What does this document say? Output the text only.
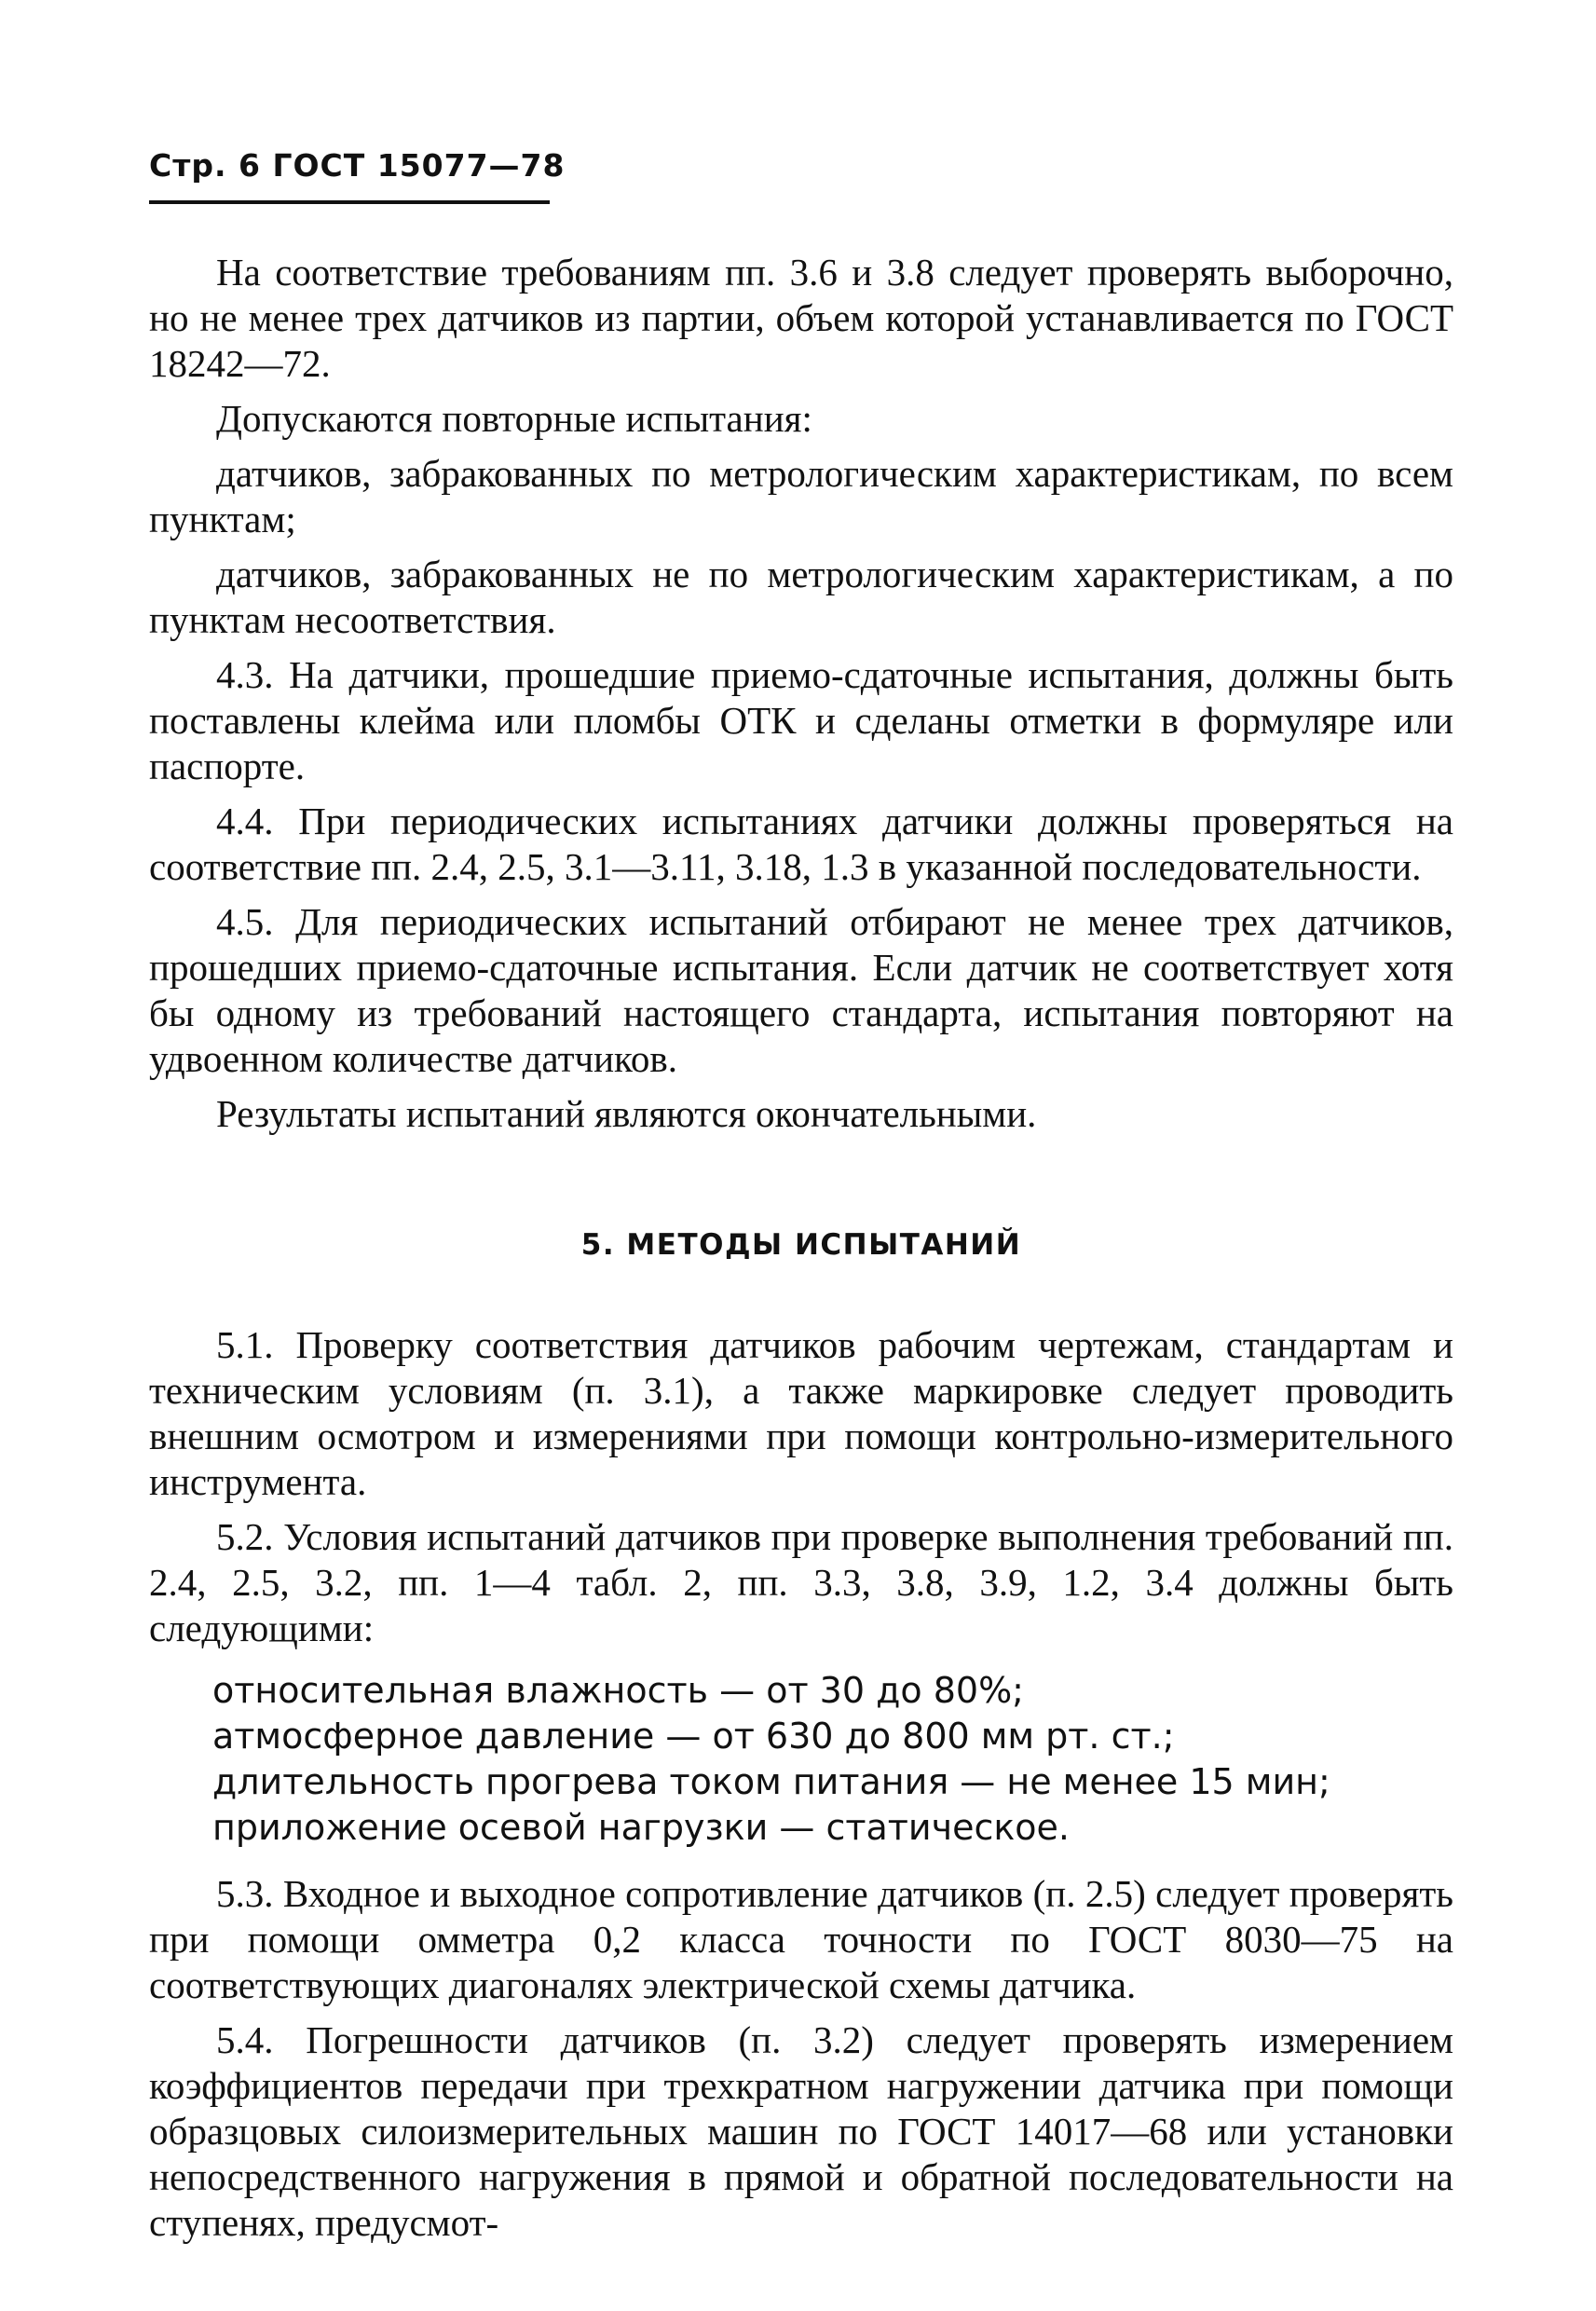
Стр. 6 ГОСТ 15077—78

На соответствие требованиям пп. 3.6 и 3.8 следует проверять выборочно, но не менее трех датчиков из партии, объем которой устанавливается по ГОСТ 18242—72.

Допускаются повторные испытания:

датчиков, забракованных по метрологическим характеристикам, по всем пунктам;

датчиков, забракованных не по метрологическим характеристикам, а по пунктам несоответствия.

4.3. На датчики, прошедшие приемо-сдаточные испытания, должны быть поставлены клейма или пломбы ОТК и сделаны отметки в формуляре или паспорте.

4.4. При периодических испытаниях датчики должны проверяться на соответствие пп. 2.4, 2.5, 3.1—3.11, 3.18, 1.3 в указанной последовательности.

4.5. Для периодических испытаний отбирают не менее трех датчиков, прошедших приемо-сдаточные испытания. Если датчик не соответствует хотя бы одному из требований настоящего стандарта, испытания повторяют на удвоенном количестве датчиков.

Результаты испытаний являются окончательными.

5. МЕТОДЫ ИСПЫТАНИЙ

5.1. Проверку соответствия датчиков рабочим чертежам, стандартам и техническим условиям (п. 3.1), а также маркировке следует проводить внешним осмотром и измерениями при помощи контрольно-измерительного инструмента.

5.2. Условия испытаний датчиков при проверке выполнения требований пп. 2.4, 2.5, 3.2, пп. 1—4 табл. 2, пп. 3.3, 3.8, 3.9, 1.2, 3.4 должны быть следующими:

относительная влажность — от 30 до 80%;
атмосферное давление — от 630 до 800 мм рт. ст.;
длительность прогрева током питания — не менее 15 мин;
приложение осевой нагрузки — статическое.

5.3. Входное и выходное сопротивление датчиков (п. 2.5) следует проверять при помощи омметра 0,2 класса точности по ГОСТ 8030—75 на соответствующих диагоналях электрической схемы датчика.

5.4. Погрешности датчиков (п. 3.2) следует проверять измерением коэффициентов передачи при трехкратном нагружении датчика при помощи образцовых силоизмерительных машин по ГОСТ 14017—68 или установки непосредственного нагружения в прямой и обратной последовательности на ступенях, предусмот-
